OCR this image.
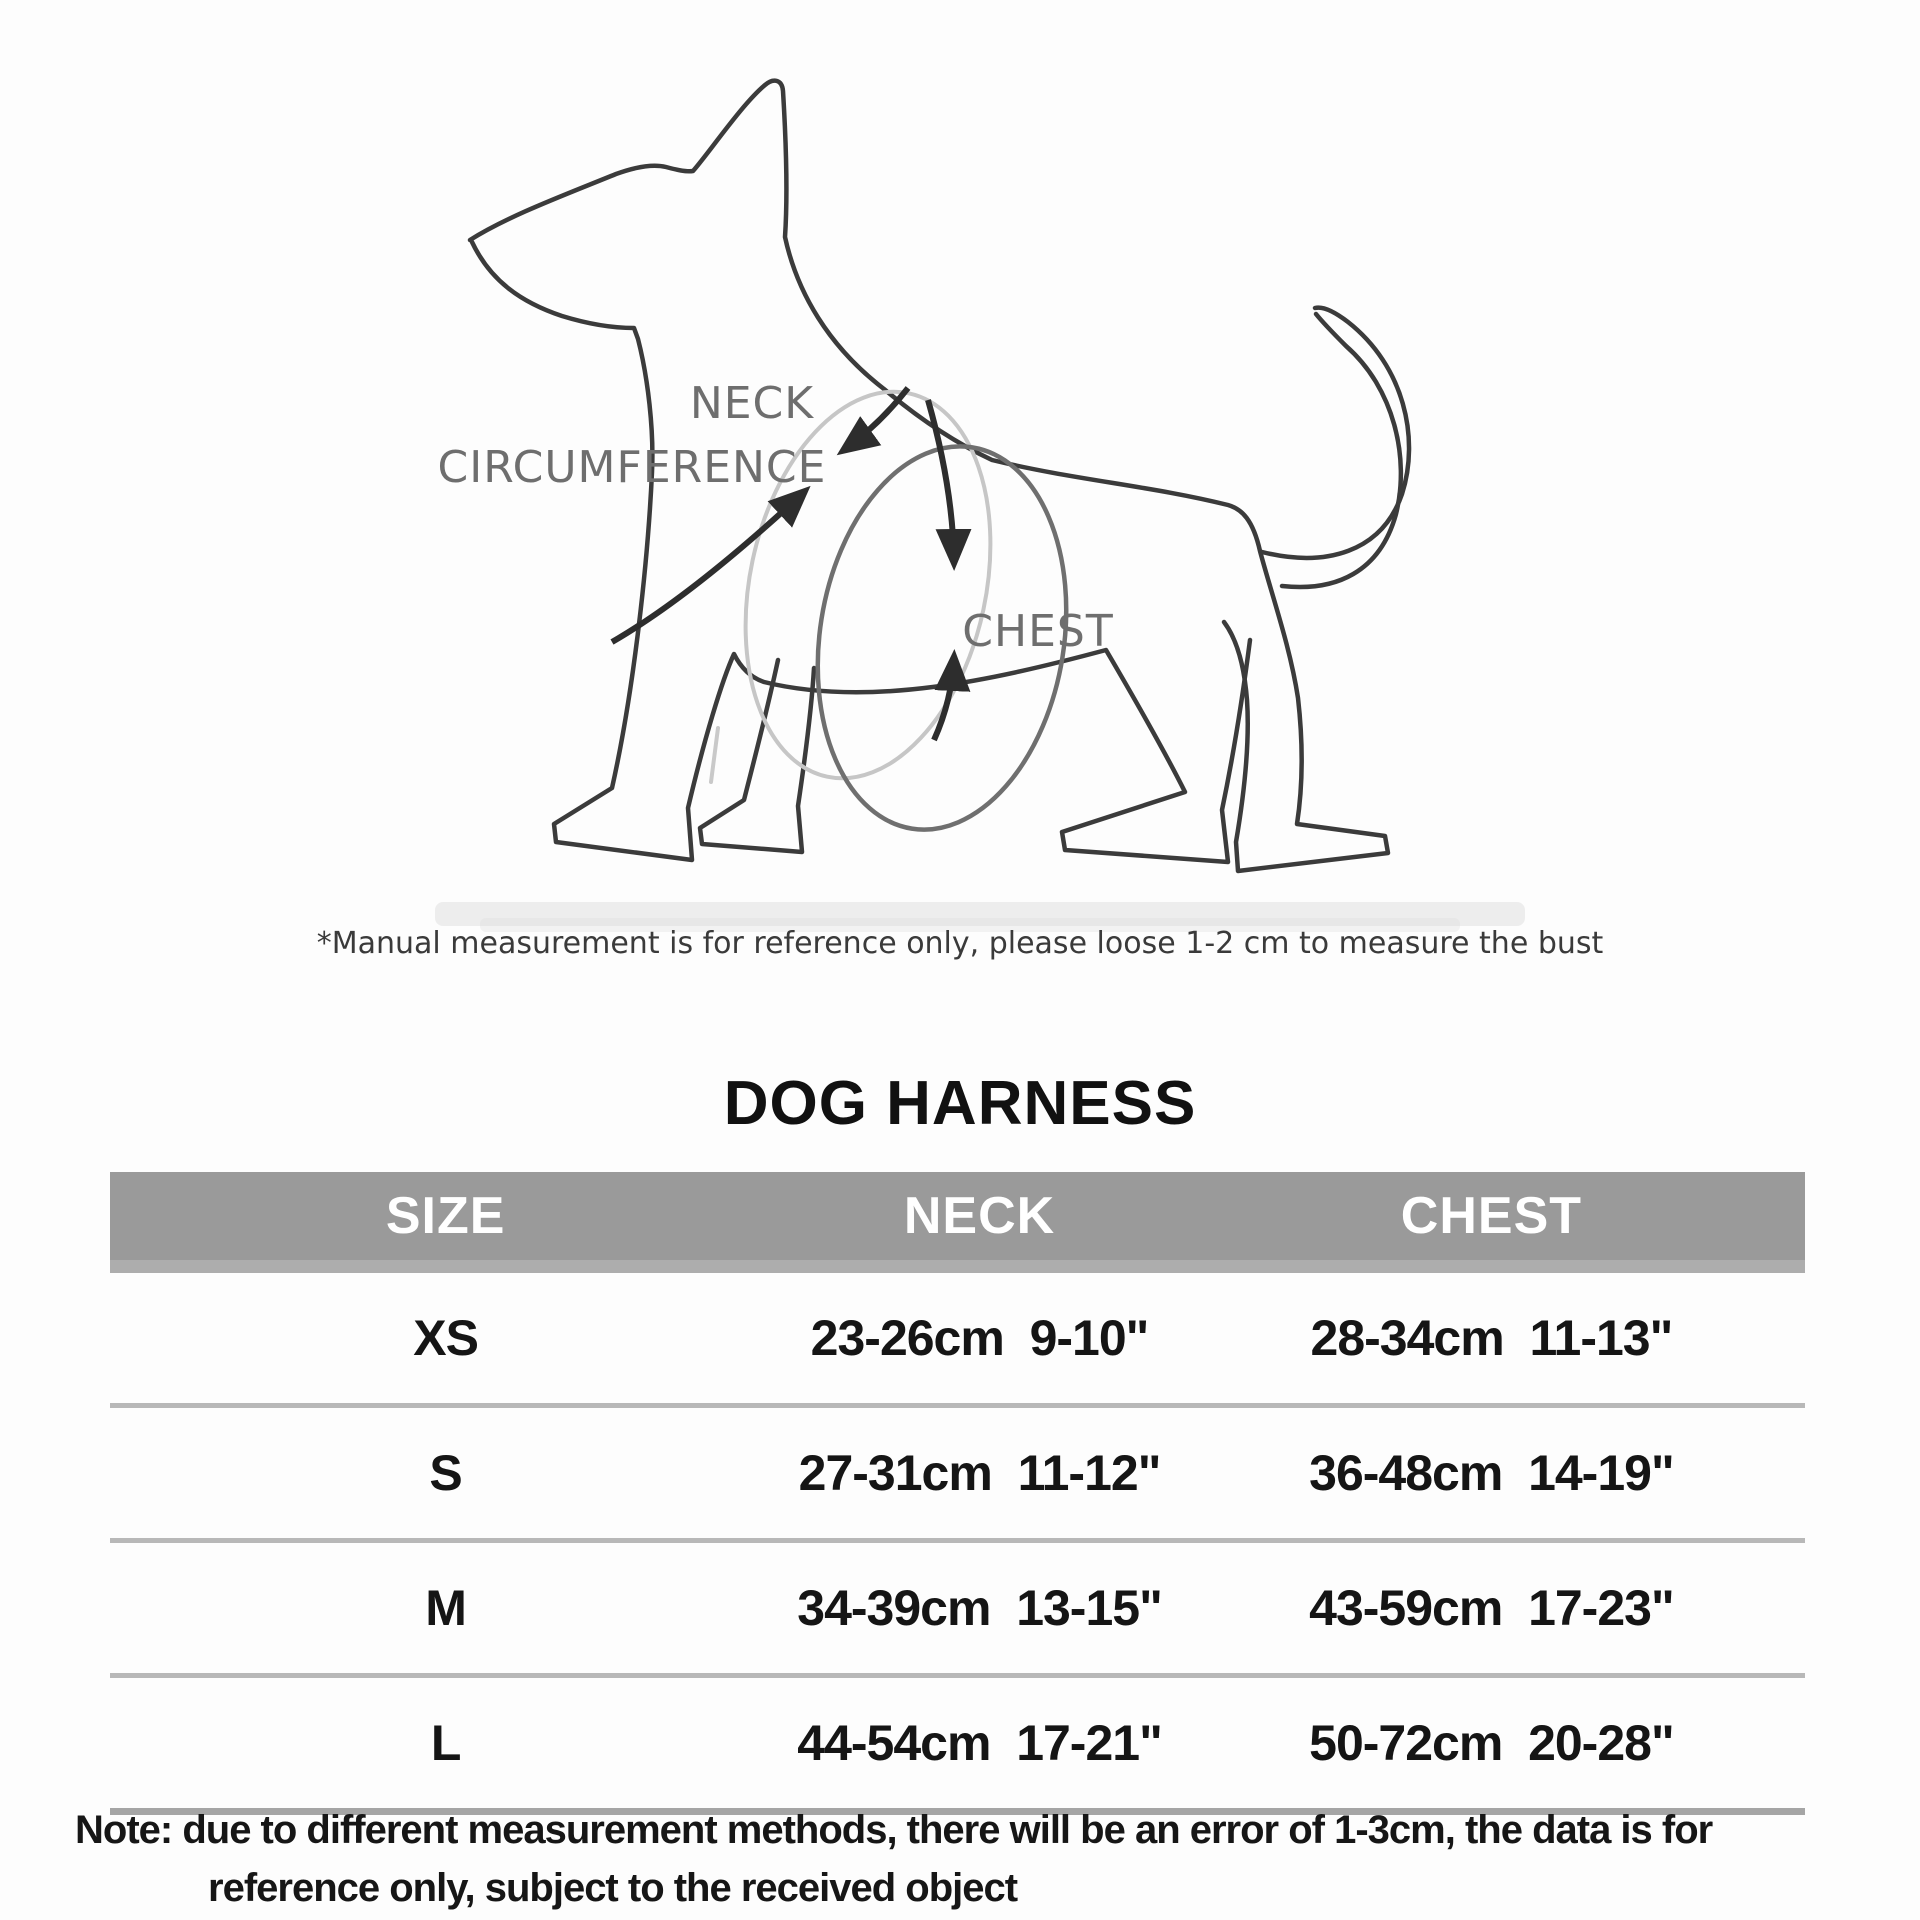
NECK
CIRCUMFERENCE
CHEST
*Manual measurement is for reference only, please loose 1-2 cm to measure the bust
DOG HARNESS
SIZE	NECK	CHEST
XS	23-26cm  9-10"	28-34cm  11-13"
S	27-31cm  11-12"	36-48cm  14-19"
M	34-39cm  13-15"	43-59cm  17-23"
L	44-54cm  17-21"	50-72cm  20-28"
Note: due to different measurement methods, there will be an error of 1-3cm, the data is for
reference only, subject to the received object
